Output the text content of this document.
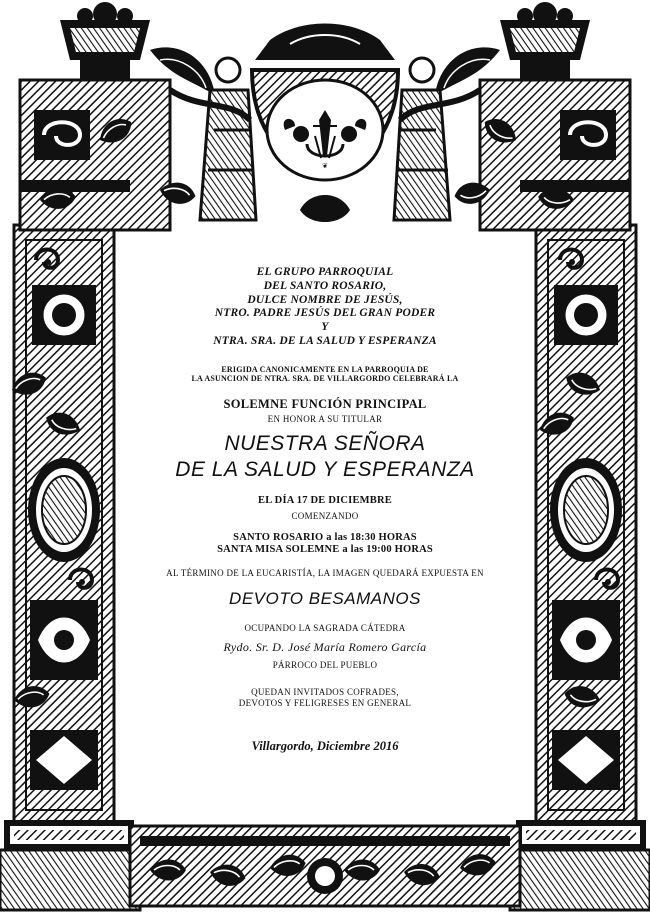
❦

EL GRUPO PARROQUIAL

DEL SANTO ROSARIO,

DULCE NOMBRE DE JESÚS,

NTRO. PADRE JESÚS DEL GRAN PODER

Y

NTRA. SRA. DE LA SALUD Y ESPERANZA

ERIGIDA CANONICAMENTE EN LA PARROQUIA DE

LA ASUNCION DE NTRA. SRA. DE VILLARGORDO CELEBRARÁ LA

SOLEMNE FUNCIÓN PRINCIPAL

EN HONOR A SU TITULAR

NUESTRA SEÑORA

DE LA SALUD Y ESPERANZA

EL DÍA 17 DE DICIEMBRE

COMENZANDO

SANTO ROSARIO a las 18:30 HORAS

SANTA MISA SOLEMNE a las 19:00 HORAS

AL TÉRMINO DE LA EUCARISTÍA, LA IMAGEN QUEDARÁ EXPUESTA EN

DEVOTO BESAMANOS

OCUPANDO LA SAGRADA CÁTEDRA

Rydo. Sr. D. José María Romero García

PÁRROCO DEL PUEBLO

QUEDAN INVITADOS COFRADES,

DEVOTOS Y FELIGRESES EN GENERAL

Villargordo, Diciembre 2016
